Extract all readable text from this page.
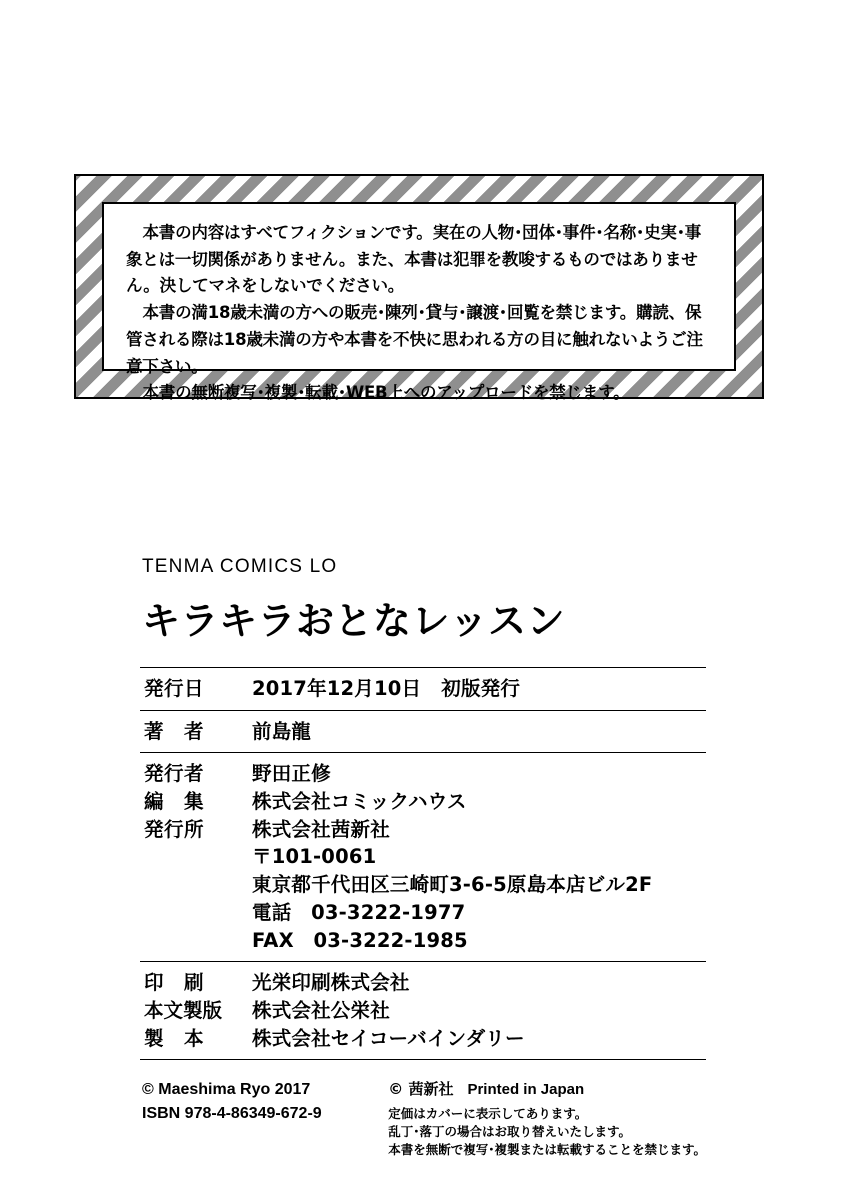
本書の内容はすべてフィクションです。実在の人物･団体･事件･名称･史実･事象とは一切関係がありません。また、本書は犯罪を教唆するものではありません。決してマネをしないでください。

本書の満18歳未満の方への販売･陳列･貸与･譲渡･回覧を禁じます。購読、保管される際は18歳未満の方や本書を不快に思われる方の目に触れないようご注意下さい。

本書の無断複写･複製･転載･WEB上へのアップロードを禁じます。

TENMA COMICS LO
キラキラおとなレッスン
発行日	2017年12月10日 初版発行
著　者	前島龍
発行者	野田正修
編　集	株式会社コミックハウス
発行所	株式会社茜新社
〒101-0061
東京都千代田区三崎町3-6-5原島本店ビル2F
電話　03-3222-1977
FAX　03-3222-1985
印　刷	光栄印刷株式会社
本文製版	株式会社公栄社
製　本	株式会社セイコーバインダリー
© Maeshima Ryo 2017
ISBN 978-4-86349-672-9
© 茜新社 Printed in Japan
定価はカバーに表示してあります。
乱丁･落丁の場合はお取り替えいたします。
本書を無断で複写･複製または転載することを禁じます。
